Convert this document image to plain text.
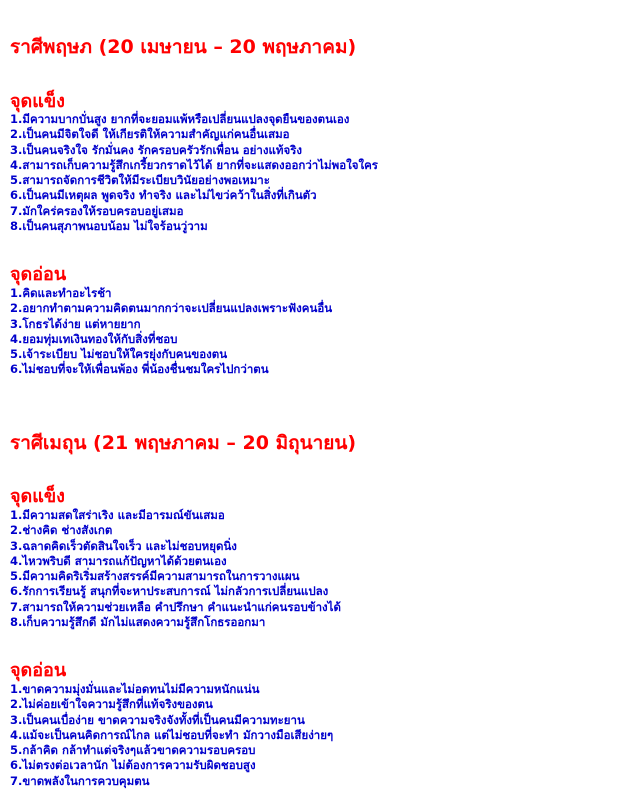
ราศีพฤษภ (20 เมษายน – 20 พฤษภาคม)
จุดแข็ง
1.มีความบากบั่นสูง ยากที่จะยอมแพ้หรือเปลี่ยนแปลงจุดยืนของตนเอง
2.เป็นคนมีจิตใจดี ให้เกียรติให้ความสำคัญแก่คนอื่นเสมอ
3.เป็นคนจริงใจ รักมั่นคง รักครอบครัวรักเพื่อน อย่างแท้จริง
4.สามารถเก็บความรู้สึกเกรี้ยวกราดไว้ได้ ยากที่จะแสดงออกว่าไม่พอใจใคร
5.สามารถจัดการชีวิตให้มีระเบียบวินัยอย่างพอเหมาะ
6.เป็นคนมีเหตุผล พูดจริง ทำจริง และไม่ไขว่คว้าในสิ่งที่เกินตัว
7.มักใคร่ครองให้รอบครอบอยู่เสมอ
8.เป็นคนสุภาพนอบน้อม ไม่ใจร้อนวู่วาม
จุดอ่อน
1.คิดและทำอะไรช้า
2.อยากทำตามความคิดตนมากกว่าจะเปลี่ยนแปลงเพราะฟังคนอื่น
3.โกธรได้ง่าย แต่หายยาก
4.ยอมทุ่มเทเงินทองให้กับสิ่งที่ชอบ
5.เจ้าระเบียบ ไม่ชอบให้ใครยุ่งกับคนของตน
6.ไม่ชอบที่จะให้เพื่อนพ้อง พี่น้องชื่นชมใครไปกว่าตน
ราศีเมถุน (21 พฤษภาคม – 20 มิถุนายน)
จุดแข็ง
1.มีความสดใสร่าเริง และมีอารมณ์ขันเสมอ
2.ช่างคิด ช่างสังเกต
3.ฉลาดคิดเร็วตัดสินใจเร็ว และไม่ชอบหยุดนิ่ง
4.ไหวพริบดี สามารถแก้ปัญหาได้ด้วยตนเอง
5.มีความคิดริเริ่มสร้างสรรค์มีความสามารถในการวางแผน
6.รักการเรียนรู้ สนุกที่จะหาประสบการณ์ ไม่กลัวการเปลี่ยนแปลง
7.สามารถให้ความช่วยเหลือ คำปรึกษา คำแนะนำแก่คนรอบข้างได้
8.เก็บความรู้สึกดี มักไม่แสดงความรู้สึกโกธรออกมา
จุดอ่อน
1.ขาดความมุ่งมั่นและไม่อดทนไม่มีความหนักแน่น
2.ไม่ค่อยเข้าใจความรู้สึกที่แท้จริงของตน
3.เป็นคนเบื่อง่าย ขาดความจริงจังทั้งที่เป็นคนมีความทะยาน
4.แม้จะเป็นคนคิดการณ์ไกล แต่ไม่ชอบที่จะทำ มักวางมือเสียง่ายๆ
5.กล้าคิด กล้าทำแต่จริงๆแล้วขาดความรอบครอบ
6.ไม่ตรงต่อเวลานัก ไม่ต้องการความรับผิดชอบสูง
7.ขาดพลังในการควบคุมตน
